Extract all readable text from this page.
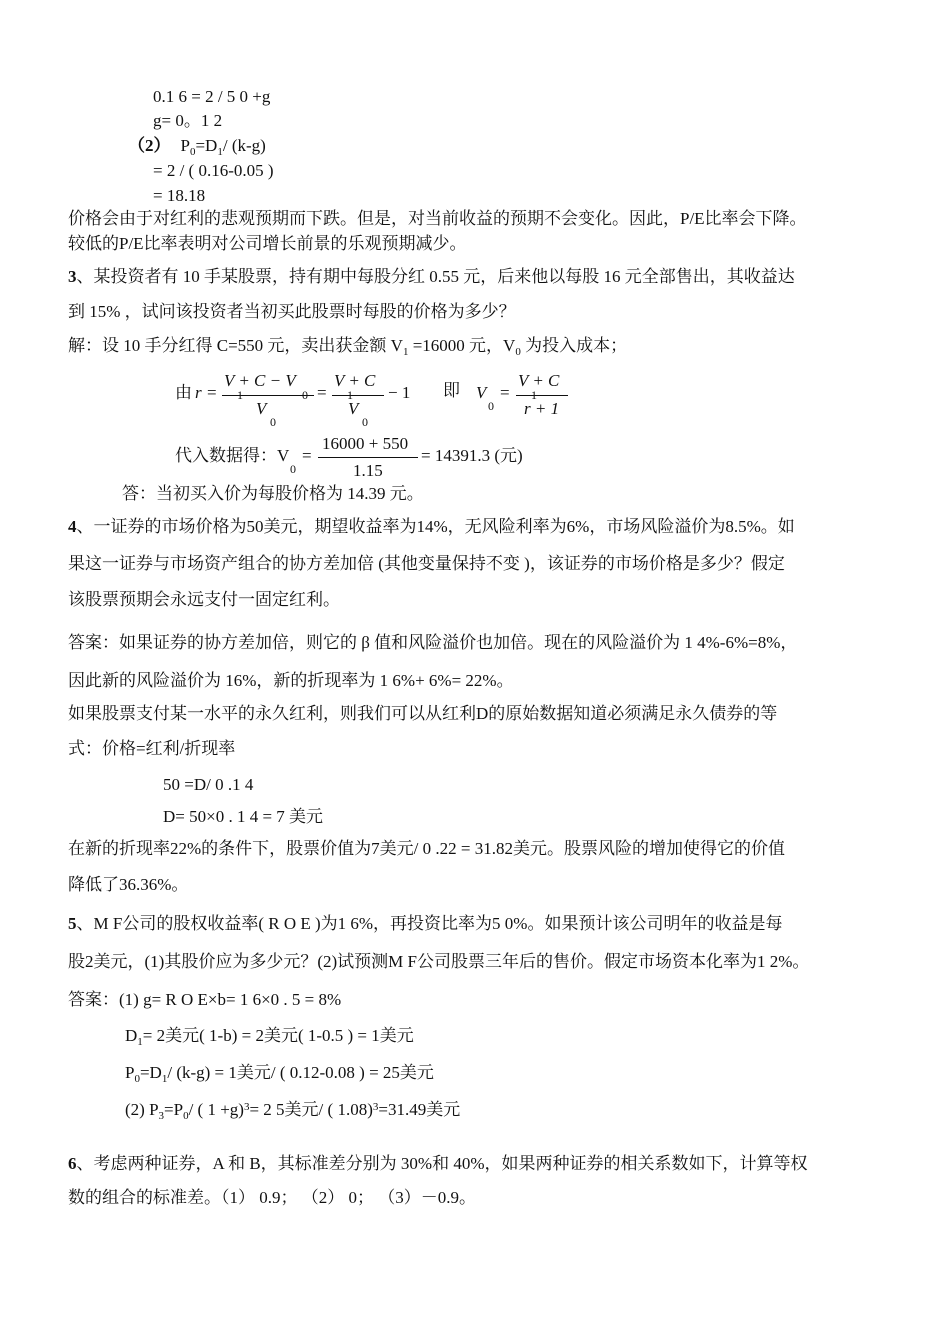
0.1 6 = 2 / 5 0 +g
g= 0。1 2
（2） $P_0=D_1/$ (k-g)
= 2 / ( 0.16-0.05 )
= 18.18
价格会由于对红利的悲观预期而下跌。但是，对当前收益的预期不会变化。因此，P/E比率会下降。
较低的P/E比率表明对公司增长前景的乐观预期减少。
3、某投资者有 10 手某股票，持有期中每股分红 0.55 元，后来他以每股 16 元全部售出，其收益达
到 15% ，试问该投资者当初买此股票时每股的价格为多少？
解：设 10 手分红得 C=550 元，卖出获金额 $V_1 =16000$ 元，$V_0$ 为投入成本；
由 r =
V + C − V
V
0
=
V + C
V
0
− 1 即 V
0
=
V + C
r + 1
代入数据得：V
0
=
16000 + 550
1.15
= 14391.3 (元)
答：当初买入价为每股价格为 14.39 元。
4、一证券的市场价格为50美元，期望收益率为14%，无风险利率为6%，市场风险溢价为8.5%。如
果这一证券与市场资产组合的协方差加倍 (其他变量保持不变 )，该证券的市场价格是多少？假定
该股票预期会永远支付一固定红利。
答案：如果证券的协方差加倍，则它的 β 值和风险溢价也加倍。现在的风险溢价为 1 4%-6%=8%，
因此新的风险溢价为 16%，新的折现率为 1 6%+ 6%= 22%。
如果股票支付某一水平的永久红利，则我们可以从红利D的原始数据知道必须满足永久债券的等
式：价格=红利/折现率
50 =D/ 0 .1 4
D= 50×0 . 1 4 = 7 美元
在新的折现率22%的条件下，股票价值为7美元/ 0 .22 = 31.82美元。股票风险的增加使得它的价值
降低了36.36%。
5、M F公司的股权收益率( R O E )为1 6%，再投资比率为5 0%。如果预计该公司明年的收益是每
股2美元，(1)其股价应为多少元？(2)试预测M F公司股票三年后的售价。假定市场资本化率为1 2%。
答案：(1) g= R O E×b= 1 6×0 . 5 = 8%
$D_1= 2$美元( 1-b) = 2美元( 1-0.5 ) = 1美元
$P_0=D_1/$ (k-g) = 1美元/ ( 0.12-0.08 ) = 25美元
(2) $P_3=P_0/$ ( 1 +g)$^3$= 2 5美元/ ( 1.08)$^3$=31.49美元
6、考虑两种证券，A 和 B，其标准差分别为 30%和 40%，如果两种证券的相关系数如下，计算等权
数的组合的标准差。（1） 0.9； （2） 0； （3）－0.9。
